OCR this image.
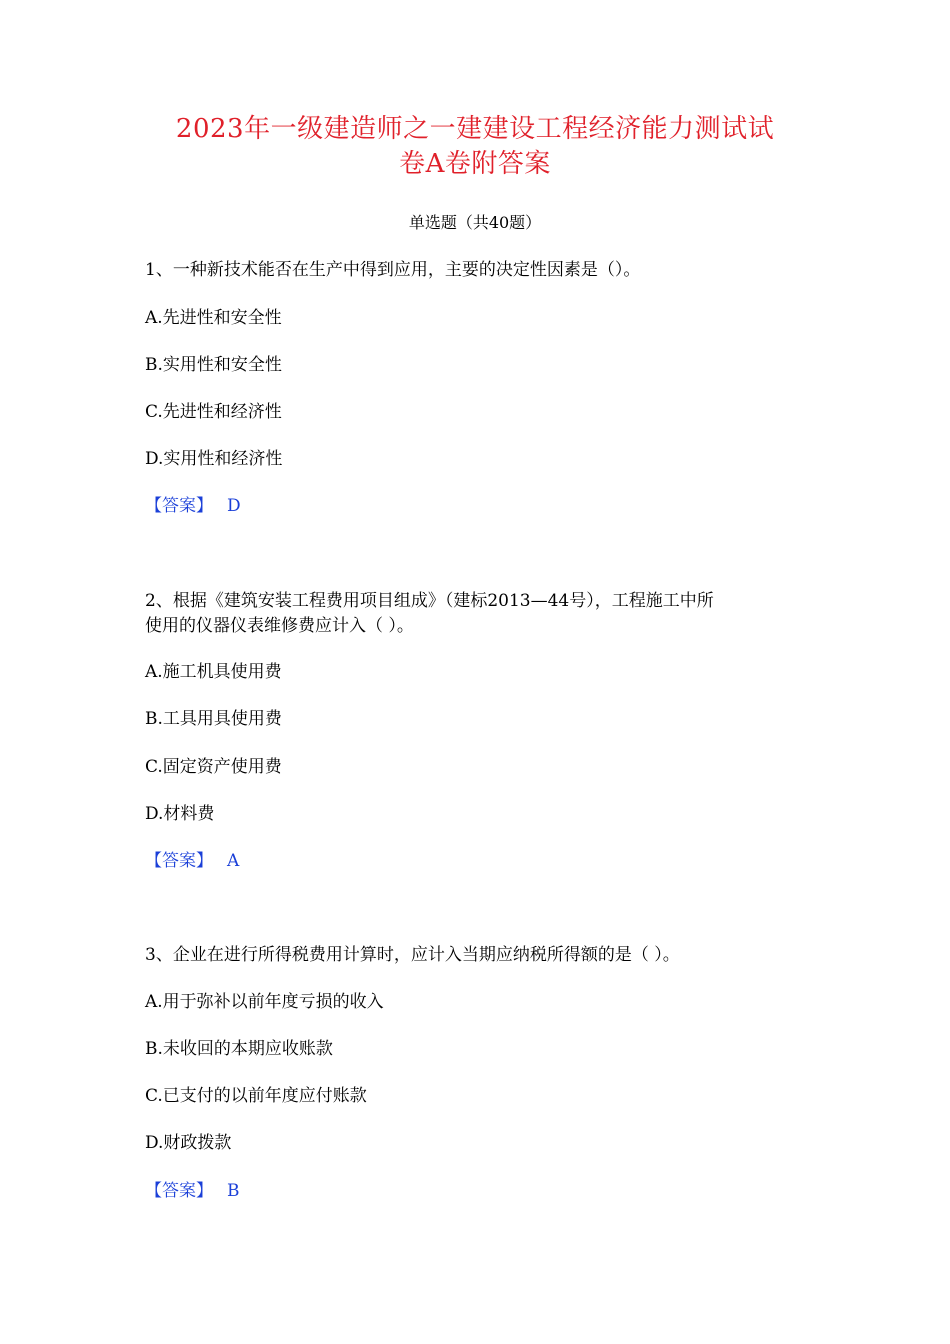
2023年一级建造师之一建建设工程经济能力测试试
卷A卷附答案
单选题（共40题）
1、一种新技术能否在生产中得到应用，主要的决定性因素是（）。
A.先进性和安全性
B.实用性和安全性
C.先进性和经济性
D.实用性和经济性
【答案】 D
2、根据《建筑安装工程费用项目组成》（建标2013—44号），工程施工中所
使用的仪器仪表维修费应计入（ ）。
A.施工机具使用费
B.工具用具使用费
C.固定资产使用费
D.材料费
【答案】 A
3、企业在进行所得税费用计算时，应计入当期应纳税所得额的是（ ）。
A.用于弥补以前年度亏损的收入
B.未收回的本期应收账款
C.已支付的以前年度应付账款
D.财政拨款
【答案】 B
